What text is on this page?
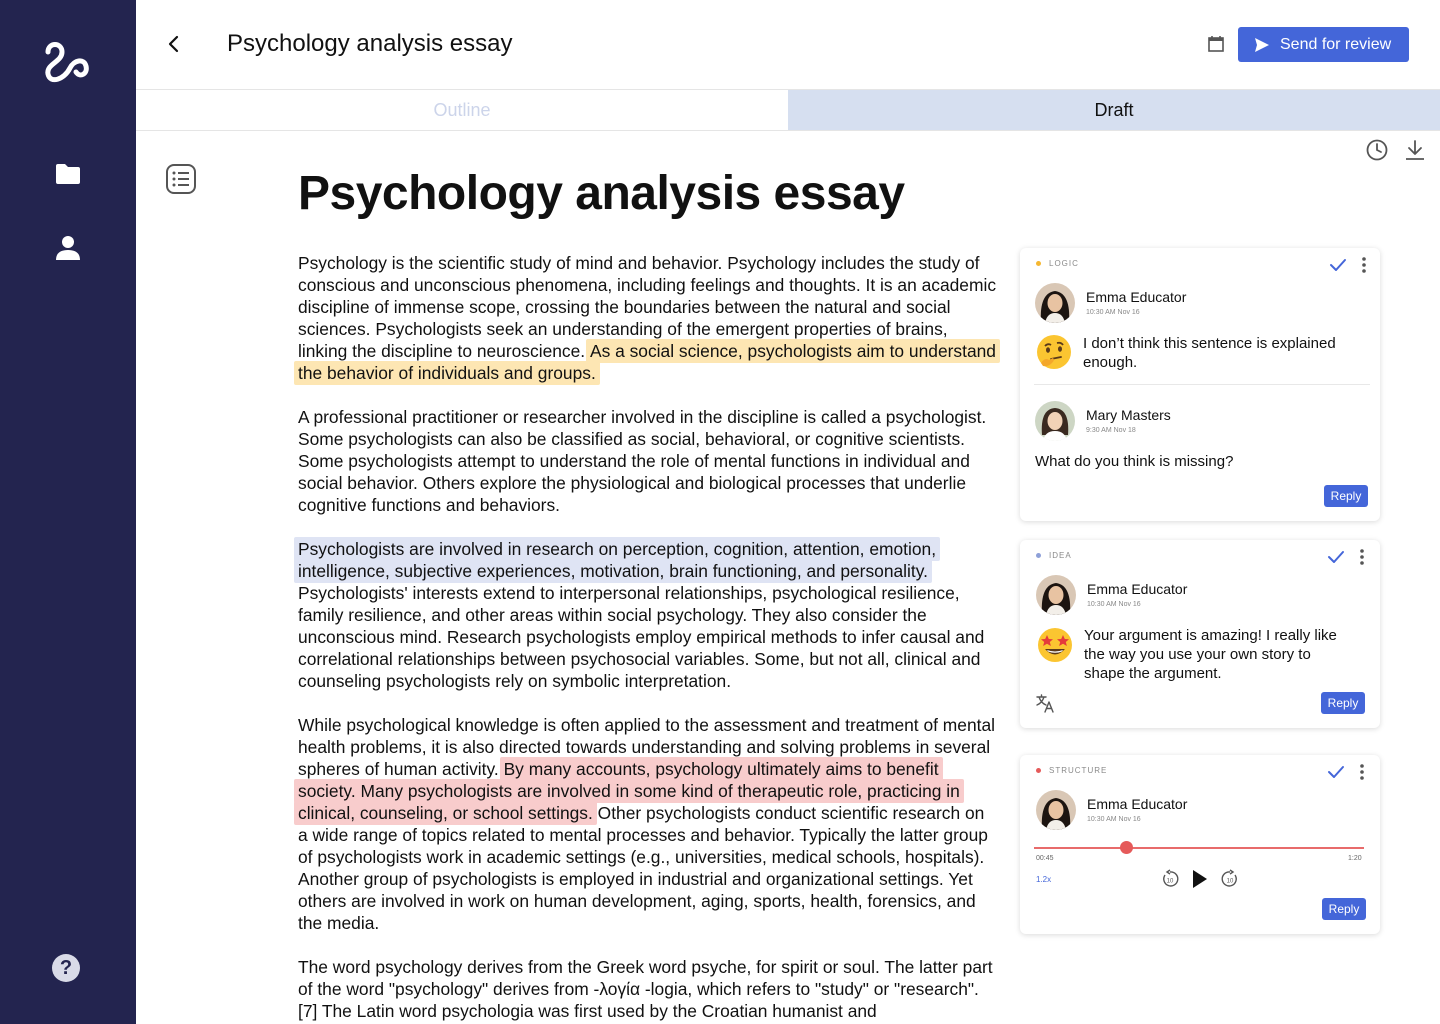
?
Psychology analysis essay	Send for review
Outline	Draft
Psychology analysis essay

Psychology is the scientific study of mind and behavior. Psychology includes the study of conscious and unconscious phenomena, including feelings and thoughts. It is an academic discipline of immense scope, crossing the boundaries between the natural and social sciences. Psychologists seek an understanding of the emergent properties of brains, linking the discipline to neuroscience. As a social science, psychologists aim to understand the behavior of individuals and groups.

A professional practitioner or researcher involved in the discipline is called a psychologist. Some psychologists can also be classified as social, behavioral, or cognitive scientists. Some psychologists attempt to understand the role of mental functions in individual and social behavior. Others explore the physiological and biological processes that underlie cognitive functions and behaviors.

Psychologists are involved in research on perception, cognition, attention, emotion, intelligence, subjective experiences, motivation, brain functioning, and personality. Psychologists' interests extend to interpersonal relationships, psychological resilience, family resilience, and other areas within social psychology. They also consider the unconscious mind. Research psychologists employ empirical methods to infer causal and correlational relationships between psychosocial variables. Some, but not all, clinical and counseling psychologists rely on symbolic interpretation.

While psychological knowledge is often applied to the assessment and treatment of mental health problems, it is also directed towards understanding and solving problems in several spheres of human activity. By many accounts, psychology ultimately aims to benefit society. Many psychologists are involved in some kind of therapeutic role, practicing in clinical, counseling, or school settings. Other psychologists conduct scientific research on a wide range of topics related to mental processes and behavior. Typically the latter group of psychologists work in academic settings (e.g., universities, medical schools, hospitals). Another group of psychologists is employed in industrial and organizational settings. Yet others are involved in work on human development, aging, sports, health, forensics, and the media.

The word psychology derives from the Greek word psyche, for spirit or soul. The latter part of the word "psychology" derives from -λογία -logia, which refers to "study" or "research".[7] The Latin word psychologia was first used by the Croatian humanist and

LOGIC
Emma Educator
10:30 AM Nov 16
I don’t think this sentence is explained enough.
Mary Masters
9:30 AM Nov 18
What do you think is missing?
Reply
IDEA
Emma Educator
10:30 AM Nov 16
Your argument is amazing! I really like the way you use your own story to shape the argument.
Reply
STRUCTURE
Emma Educator
10:30 AM Nov 16
00:45	1:20
1.2x	10	10
Reply
